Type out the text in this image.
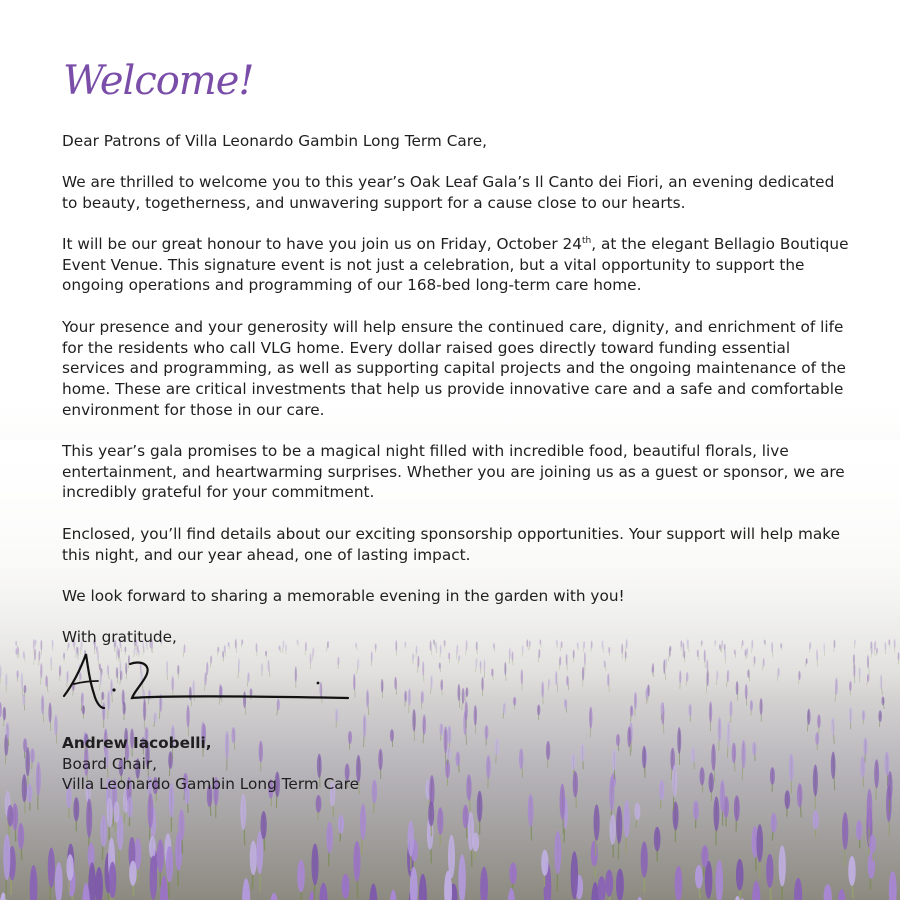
Welcome!

Dear Patrons of Villa Leonardo Gambin Long Term Care,

We are thrilled to welcome you to this year’s Oak Leaf Gala’s Il Canto dei Fiori, an evening dedicated to beauty, togetherness, and unwavering support for a cause close to our hearts.

It will be our great honour to have you join us on Friday, October 24th, at the elegant Bellagio Boutique Event Venue. This signature event is not just a celebration, but a vital opportunity to support the ongoing operations and programming of our 168-bed long-term care home.

Your presence and your generosity will help ensure the continued care, dignity, and enrichment of life for the residents who call VLG home. Every dollar raised goes directly toward funding essential services and programming, as well as supporting capital projects and the ongoing maintenance of the home. These are critical investments that help us provide innovative care and a safe and comfortable environment for those in our care.

This year’s gala promises to be a magical night filled with incredible food, beautiful florals, live entertainment, and heartwarming surprises. Whether you are joining us as a guest or sponsor, we are incredibly grateful for your commitment.

Enclosed, you’ll find details about our exciting sponsorship opportunities. Your support will help make this night, and our year ahead, one of lasting impact.

We look forward to sharing a memorable evening in the garden with you!

With gratitude,

Andrew Iacobelli,
Board Chair,
Villa Leonardo Gambin Long Term Care
